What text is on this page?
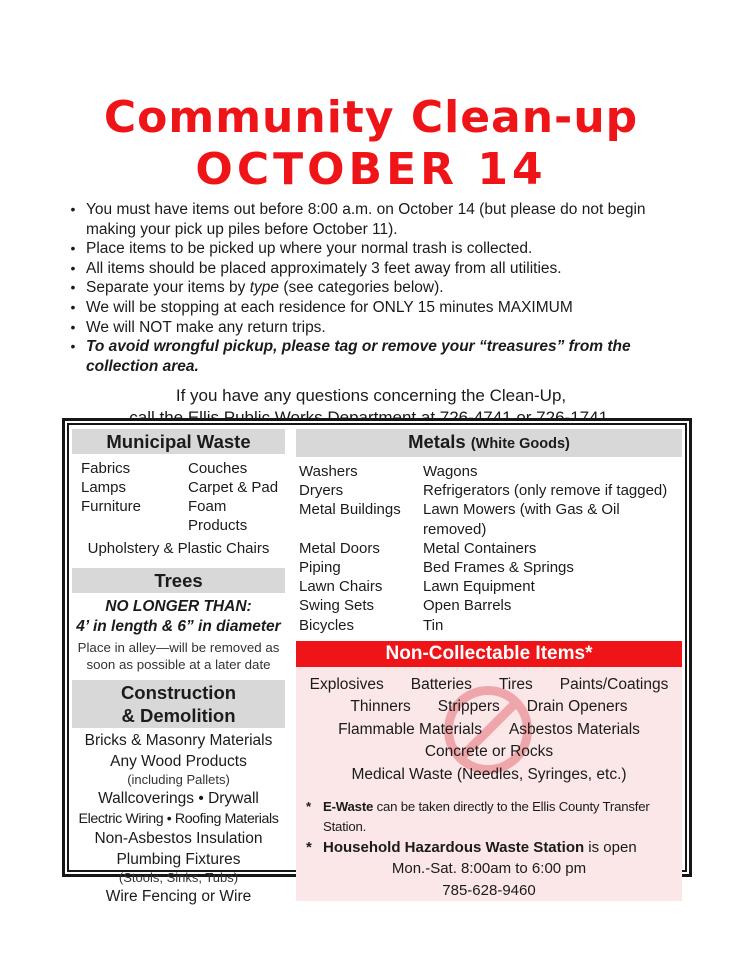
Community Clean-up
OCTOBER 14
• You must have items out before 8:00 a.m. on October 14 (but please do not begin making your pick up piles before October 11).
• Place items to be picked up where your normal trash is collected.
• All items should be placed approximately 3 feet away from all utilities.
• Separate your items by type (see categories below).
• We will be stopping at each residence for ONLY 15 minutes MAXIMUM
• We will NOT make any return trips.
• To avoid wrongful pickup, please tag or remove your “treasures” from the collection area.
If you have any questions concerning the Clean-Up,
Municipal Waste
Fabrics	Couches
Lamps	Carpet & Pad
Furniture	Foam Products
Upholstery & Plastic Chairs
Trees
NO LONGER THAN:
4’ in length & 6” in diameter
Place in alley—will be removed as
soon as possible at a later date
Construction
& Demolition
Bricks & Masonry Materials
Any Wood Products
(including Pallets)
Wallcoverings • Drywall
Electric Wiring • Roofing Materials
Non-Asbestos Insulation
Plumbing Fixtures
(Stools, Sinks, Tubs)
Wire Fencing or Wire
Metals (White Goods)
Washers	Wagons
Dryers	Refrigerators (only remove if tagged)
Metal Buildings	Lawn Mowers (with Gas & Oil removed)
Metal Doors	Metal Containers
Piping	Bed Frames & Springs
Lawn Chairs	Lawn Equipment
Swing Sets	Open Barrels
Bicycles	Tin
Non-Collectable Items*
Explosives Batteries Tires Paints/Coatings
Thinners Strippers Drain Openers
Flammable Materials Asbestos Materials
Concrete or Rocks
Medical Waste (Needles, Syringes, etc.)
* E-Waste can be taken directly to the Ellis County Transfer Station.
* Household Hazardous Waste Station is open
Mon.-Sat. 8:00am to 6:00 pm
785-628-9460
